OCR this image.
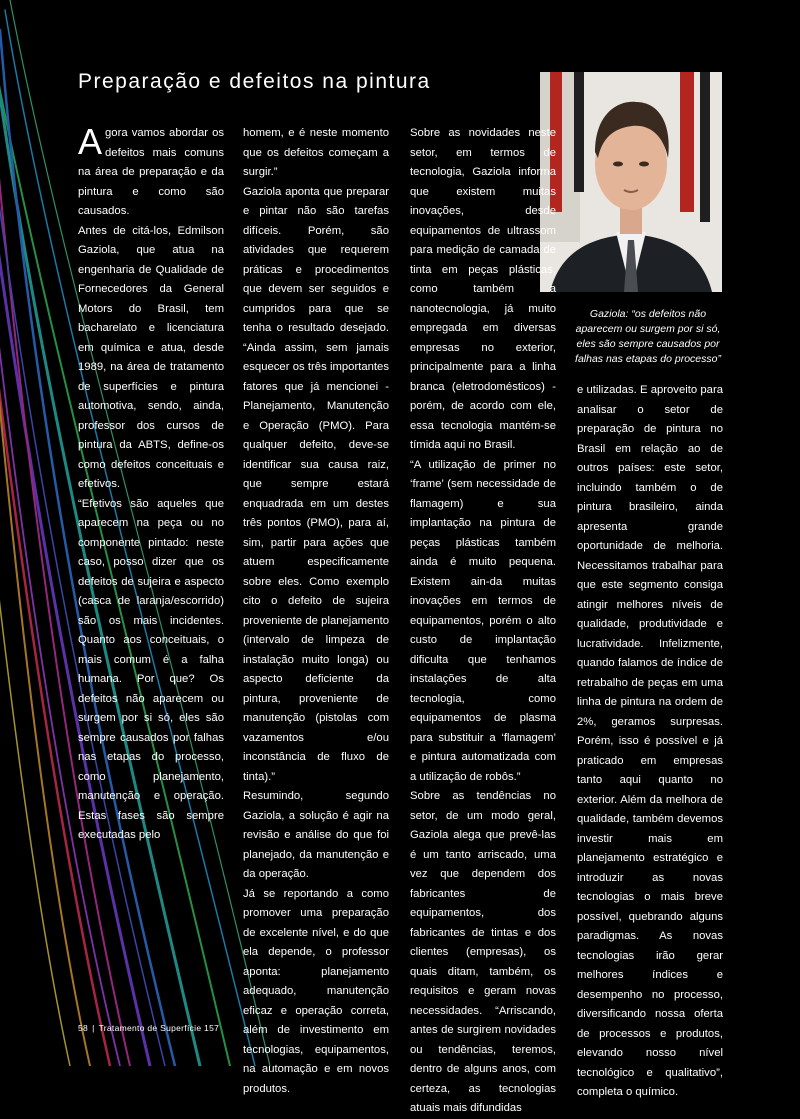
Preparação e defeitos na pintura
Gaziola: “os defeitos não aparecem ou surgem por si só, eles são sempre causados por falhas nas etapas do processo”

Agora vamos abordar os defeitos mais comuns na área de preparação e da pintura e como são causados.

Antes de citá-los, Edmilson Gaziola, que atua na engenharia de Qualidade de Fornecedores da General Motors do Brasil, tem bacharelato e licenciatura em química e atua, desde 1989, na área de tratamento de superfícies e pintura automotiva, sendo, ainda, professor dos cursos de pintura da ABTS, define-os como defeitos conceituais e efetivos.

“Efetivos são aqueles que aparecem na peça ou no componente pintado: neste caso, posso dizer que os defeitos de sujeira e aspecto (casca de laranja/escorrido) são os mais incidentes. Quanto aos conceituais, o mais comum é a falha humana. Por que? Os defeitos não aparecem ou surgem por si só, eles são sempre causados por falhas nas etapas do processo, como planejamento, manutenção e operação. Estas fases são sempre executadas pelo

homem, e é neste momento que os defeitos começam a surgir.”

Gaziola aponta que preparar e pintar não são tarefas difíceis. Porém, são atividades que requerem práticas e procedimentos que devem ser seguidos e cumpridos para que se tenha o resultado desejado. “Ainda assim, sem jamais esquecer os três importantes fatores que já mencionei - Planejamento, Manutenção e Operação (PMO). Para qualquer defeito, deve-se identificar sua causa raiz, que sempre estará enquadrada em um destes três pontos (PMO), para aí, sim, partir para ações que atuem especificamente sobre eles. Como exemplo cito o defeito de sujeira proveniente de planejamento (intervalo de limpeza de instalação muito longa) ou aspecto deficiente da pintura, proveniente de manutenção (pistolas com vazamentos e/ou inconstância de fluxo de tinta).”

Resumindo, segundo Gaziola, a solução é agir na revisão e análise do que foi planejado, da manutenção e da operação.

Já se reportando a como promover uma preparação de excelente nível, e do que ela depende, o professor aponta: planejamento adequado, manutenção eficaz e operação correta, além de investimento em tecnologias, equipamentos, na automação e em novos produtos.

Sobre as novidades neste setor, em termos de tecnologia, Gaziola informa que existem muitas inovações, desde equipamentos de ultrassom para medição de camada de tinta em peças plásticas, como também a nanotecnologia, já muito empregada em diversas empresas no exterior, principalmente para a linha branca (eletrodomésticos) - porém, de acordo com ele, essa tecnologia mantém-se tímida aqui no Brasil.

“A utilização de primer no ‘frame’ (sem necessidade de flamagem) e sua implantação na pintura de peças plásticas também ainda é muito pequena. Existem ain-da muitas inovações em termos de equipamentos, porém o alto custo de implantação dificulta que tenhamos instalações de alta tecnologia, como equipamentos de plasma para substituir a ‘flamagem’ e pintura automatizada com a utilização de robôs.”

Sobre as tendências no setor, de um modo geral, Gaziola alega que prevê-las é um tanto arriscado, uma vez que dependem dos fabricantes de equipamentos, dos fabricantes de tintas e dos clientes (empresas), os quais ditam, também, os requisitos e geram novas necessidades. “Arriscando, antes de surgirem novidades ou tendências, teremos, dentro de alguns anos, com certeza, as tecnologias atuais mais difundidas

e utilizadas. E aproveito para analisar o setor de preparação de pintura no Brasil em relação ao de outros países: este setor, incluindo também o de pintura brasileiro, ainda apresenta grande oportunidade de melhoria. Necessitamos trabalhar para que este segmento consiga atingir melhores níveis de qualidade, produtividade e lucratividade. Infelizmente, quando falamos de índice de retrabalho de peças em uma linha de pintura na ordem de 2%, geramos surpresas. Porém, isso é possível e já praticado em empresas tanto aqui quanto no exterior. Além da melhora de qualidade, também devemos investir mais em planejamento estratégico e introduzir as novas tecnologias o mais breve possível, quebrando alguns paradigmas. As novas tecnologias irão gerar melhores índices e desempenho no processo, diversificando nossa oferta de processos e produtos, elevando nosso nível tecnológico e qualitativo”, completa o químico.

58 | Tratamento de Superfície 157
